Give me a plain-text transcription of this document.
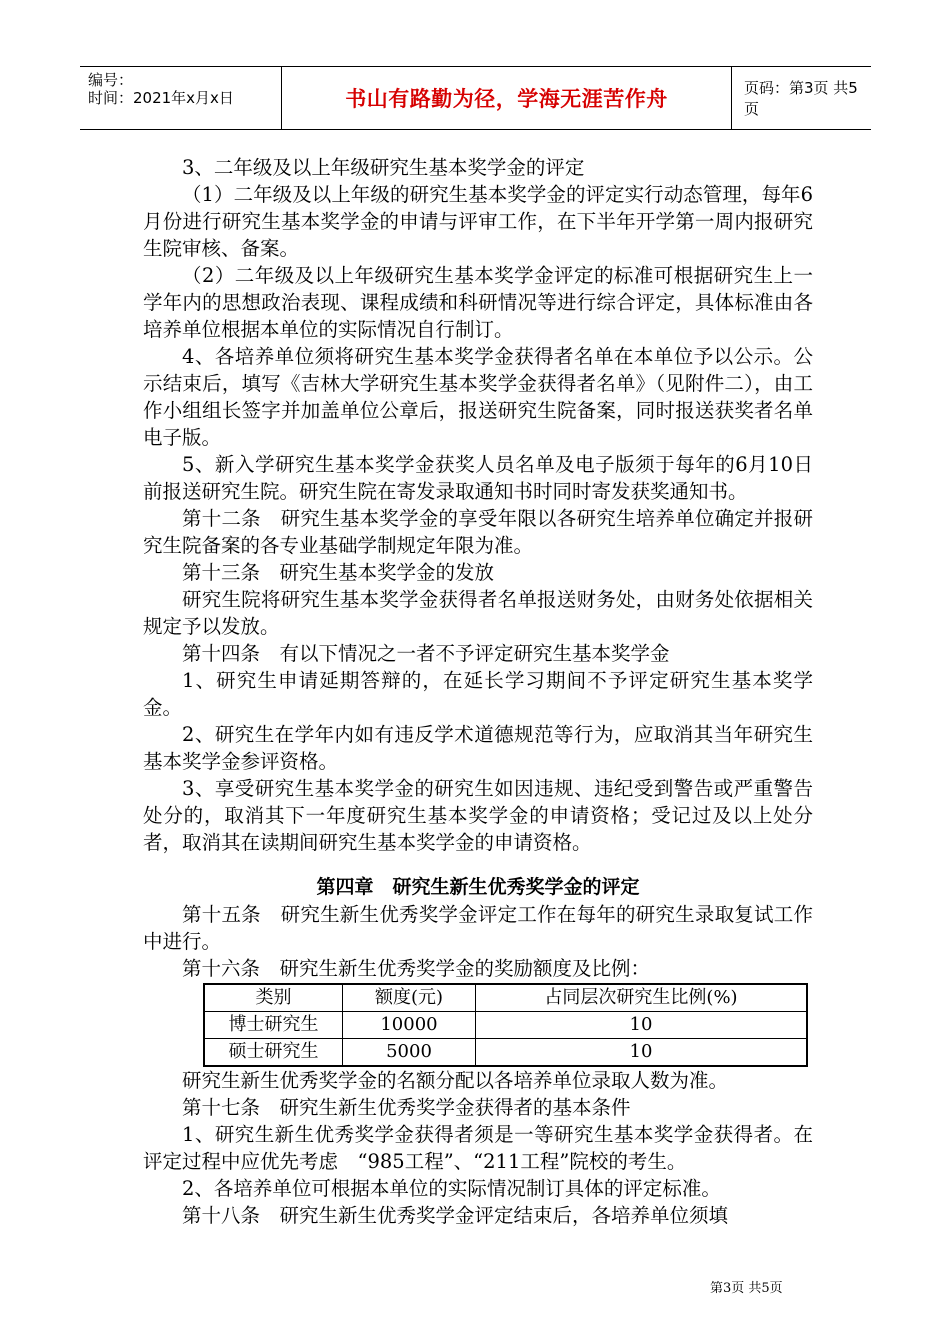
编号：
时间：2021年x月x日	书山有路勤为径，学海无涯苦作舟	页码：第3页 共5页

3、二年级及以上年级研究生基本奖学金的评定

（1）二年级及以上年级的研究生基本奖学金的评定实行动态管理，每年6月份进行研究生基本奖学金的申请与评审工作，在下半年开学第一周内报研究生院审核、备案。

（2）二年级及以上年级研究生基本奖学金评定的标准可根据研究生上一学年内的思想政治表现、课程成绩和科研情况等进行综合评定，具体标准由各培养单位根据本单位的实际情况自行制订。

4、各培养单位须将研究生基本奖学金获得者名单在本单位予以公示。公示结束后，填写《吉林大学研究生基本奖学金获得者名单》（见附件二），由工作小组组长签字并加盖单位公章后，报送研究生院备案，同时报送获奖者名单电子版。

5、新入学研究生基本奖学金获奖人员名单及电子版须于每年的6月10日前报送研究生院。研究生院在寄发录取通知书时同时寄发获奖通知书。

第十二条　研究生基本奖学金的享受年限以各研究生培养单位确定并报研究生院备案的各专业基础学制规定年限为准。

第十三条　研究生基本奖学金的发放

研究生院将研究生基本奖学金获得者名单报送财务处，由财务处依据相关规定予以发放。

第十四条　有以下情况之一者不予评定研究生基本奖学金

1、研究生申请延期答辩的，在延长学习期间不予评定研究生基本奖学金。

2、研究生在学年内如有违反学术道德规范等行为，应取消其当年研究生基本奖学金参评资格。

3、享受研究生基本奖学金的研究生如因违规、违纪受到警告或严重警告处分的，取消其下一年度研究生基本奖学金的申请资格；受记过及以上处分者，取消其在读期间研究生基本奖学金的申请资格。

第四章　研究生新生优秀奖学金的评定

第十五条　研究生新生优秀奖学金评定工作在每年的研究生录取复试工作中进行。

第十六条　研究生新生优秀奖学金的奖励额度及比例：

类别	额度(元)	占同层次研究生比例(%)
博士研究生	10000	10
硕士研究生	5000	10

研究生新生优秀奖学金的名额分配以各培养单位录取人数为准。

第十七条　研究生新生优秀奖学金获得者的基本条件

1、研究生新生优秀奖学金获得者须是一等研究生基本奖学金获得者。在评定过程中应优先考虑　“985工程”、“211工程”院校的考生。

2、各培养单位可根据本单位的实际情况制订具体的评定标准。

第十八条　研究生新生优秀奖学金评定结束后，各培养单位须填

第3页 共5页
